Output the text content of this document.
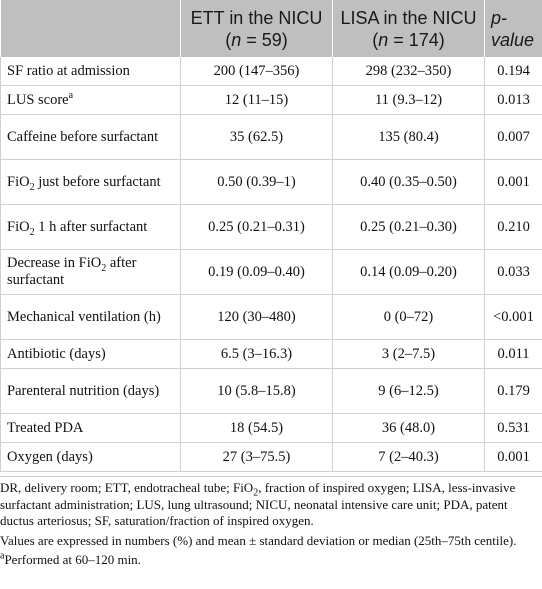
	ETT in the NICU (n = 59)	LISA in the NICU (n = 174)	p-value
SF ratio at admission	200 (147–356)	298 (232–350)	0.194
LUS score$^a$	12 (11–15)	11 (9.3–12)	0.013
Caffeine before surfactant	35 (62.5)	135 (80.4)	0.007
FiO$_2$ just before surfactant	0.50 (0.39–1)	0.40 (0.35–0.50)	0.001
FiO$_2$ 1 h after surfactant	0.25 (0.21–0.31)	0.25 (0.21–0.30)	0.210
Decrease in FiO$_2$ after surfactant	0.19 (0.09–0.40)	0.14 (0.09–0.20)	0.033
Mechanical ventilation (h)	120 (30–480)	0 (0–72)	<0.001
Antibiotic (days)	6.5 (3–16.3)	3 (2–7.5)	0.011
Parenteral nutrition (days)	10 (5.8–15.8)	9 (6–12.5)	0.179
Treated PDA	18 (54.5)	36 (48.0)	0.531
Oxygen (days)	27 (3–75.5)	7 (2–40.3)	0.001

DR, delivery room; ETT, endotracheal tube; FiO$_2$, fraction of inspired oxygen; LISA, less-invasive surfactant administration; LUS, lung ultrasound; NICU, neonatal intensive care unit; PDA, patent ductus arteriosus; SF, saturation/fraction of inspired oxygen.

Values are expressed in numbers (%) and mean ± standard deviation or median (25th–75th centile).

$^a$Performed at 60–120 min.
